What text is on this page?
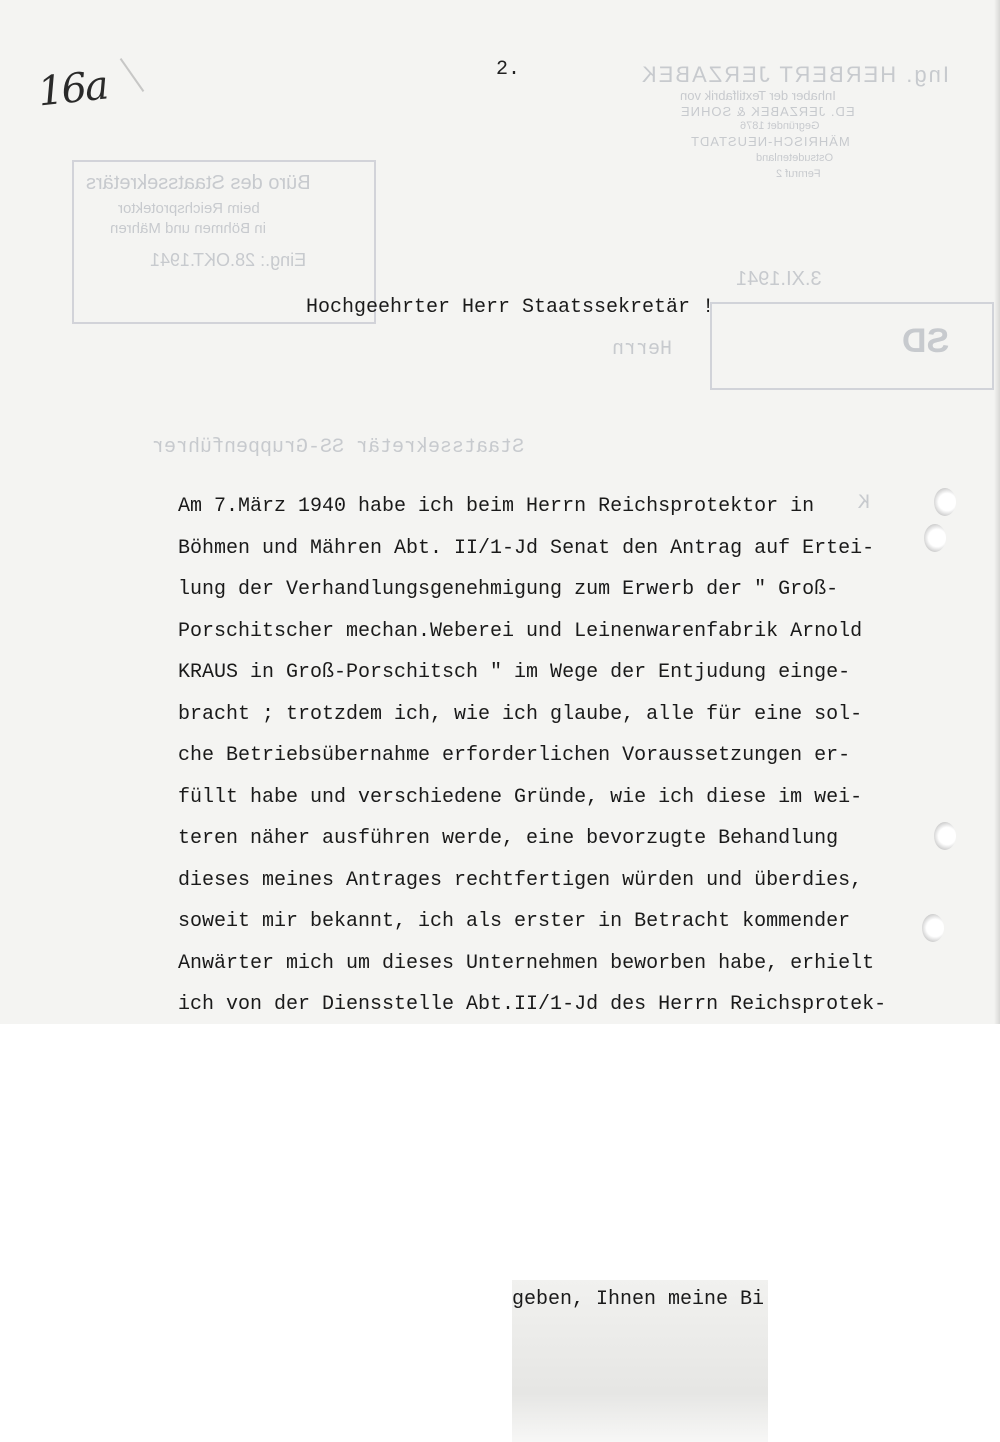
Ing. HERBERT JERZABEK
Inhaber der Textilfabrik von
ED. JERZABEK & SOHNE
Gegründet 1876
MÄHRISCH-NEUSTADT
Ostsudetenland
Fernruf 2
Büro des Staatssekretärs
beim Reichsprotektor
in Böhmen und Mähren
Eing.: 28.OKT.1941
3.XI.1941
SD
Herrn
Staatssekretär SS-Gruppenführer
K
2.
16a
Hochgeehrter Herr Staatssekretär !
Am 7.März 1940 habe ich beim Herrn Reichsprotektor in
Böhmen und Mähren Abt. II/1-Jd Senat den Antrag auf Ertei-
lung der Verhandlungsgenehmigung zum Erwerb der " Groß-
Porschitscher mechan.Weberei und Leinenwarenfabrik Arnold
KRAUS in Groß-Porschitsch " im Wege der Entjudung einge-
bracht ; trotzdem ich, wie ich glaube, alle für eine sol-
che Betriebsübernahme erforderlichen Voraussetzungen er-
füllt habe und verschiedene Gründe, wie ich diese im wei-
teren näher ausführen werde, eine bevorzugte Behandlung
dieses meines Antrages rechtfertigen würden und überdies,
soweit mir bekannt, ich als erster in Betracht kommender
Anwärter mich um dieses Unternehmen beworben habe, erhielt
ich von der Diensstelle Abt.II/1-Jd des Herrn Reichsprotek-
geben, Ihnen meine Bi
